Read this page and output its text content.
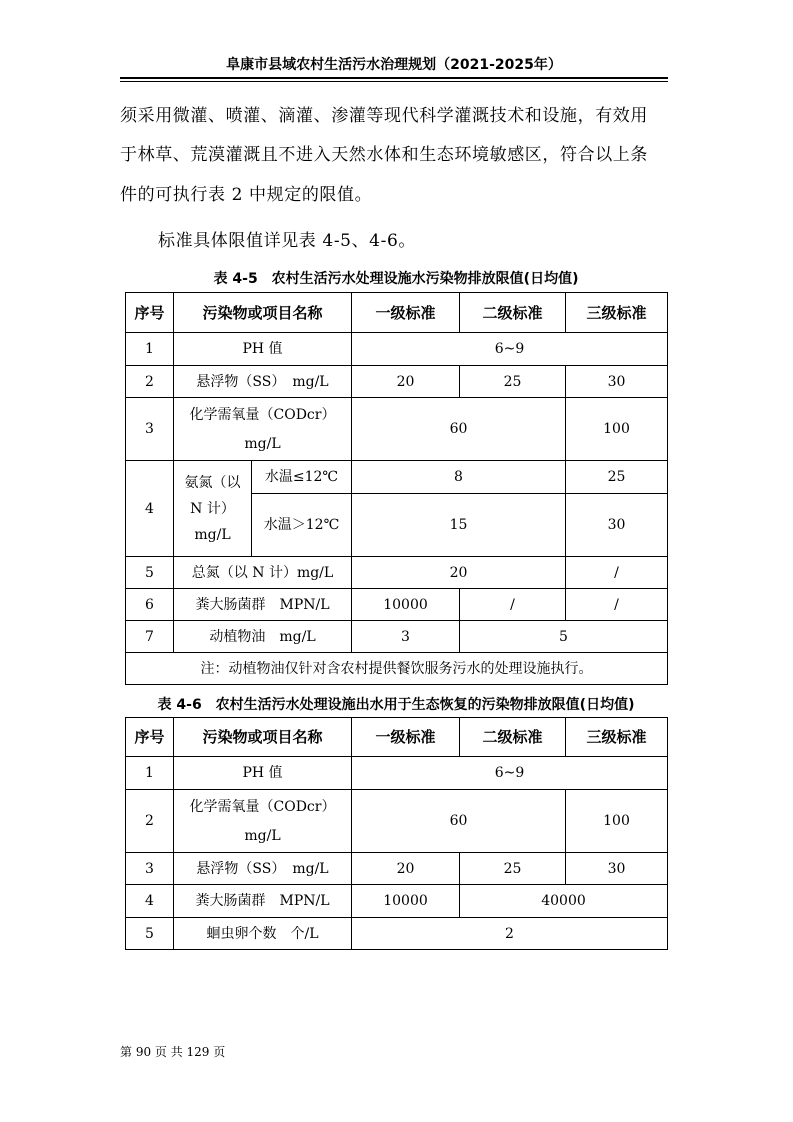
阜康市县域农村生活污水治理规划（2021-2025年）
须采用微灌、喷灌、滴灌、渗灌等现代科学灌溉技术和设施，有效用
于林草、荒漠灌溉且不进入天然水体和生态环境敏感区，符合以上条
件的可执行表 2 中规定的限值。
标准具体限值详见表 4-5、4-6。
表 4-5　农村生活污水处理设施水污染物排放限值(日均值)
序号	污染物或项目名称		一级标准	二级标准	三级标准
1	PH 值		6~9		
2	悬浮物（SS）　mg/L		20	25	30
3	化学需氧量（CODcr）
mg/L		60		100
4	氨氮（以
N 计）
mg/L	水温≤12℃	8		25
		水温＞12℃	15		30
5	总氮（以 N 计）mg/L		20		/
6	粪大肠菌群　MPN/L		10000	/	/
7	动植物油　mg/L		3	5	
注：动植物油仅针对含农村提供餐饮服务污水的处理设施执行。					
表 4-6　农村生活污水处理设施出水用于生态恢复的污染物排放限值(日均值)
序号	污染物或项目名称	一级标准	二级标准	三级标准
1	PH 值	6~9		
2	化学需氧量（CODcr）
mg/L	60		100
3	悬浮物（SS）　mg/L	20	25	30
4	粪大肠菌群　MPN/L	10000	40000	
5	蛔虫卵个数　个/L	2		
第 90 页 共 129 页
